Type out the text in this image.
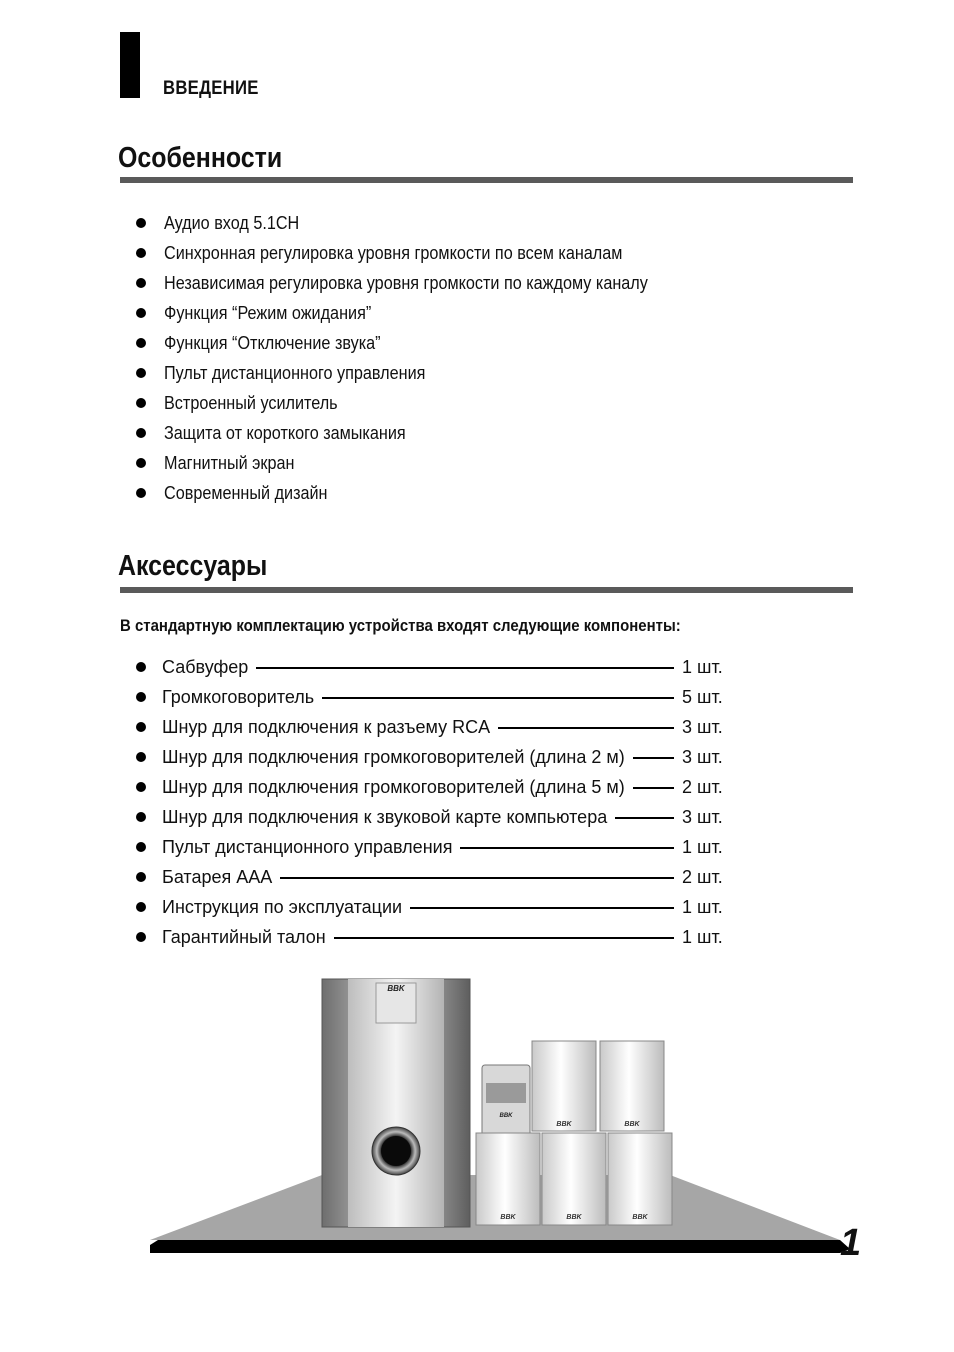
ВВЕДЕНИЕ
Особенности
Аудио вход 5.1CH
Синхронная регулировка уровня громкости по всем каналам
Независимая регулировка уровня громкости по каждому каналу
Функция “Режим ожидания”
Функция “Отключение звука”
Пульт дистанционного управления
Встроенный усилитель
Защита от короткого замыкания
Магнитный экран
Современный дизайн
Аксессуары
В стандартную комплектацию устройства входят следующие компоненты:
Сабвуфер	1 шт.
Громкоговоритель	5 шт.
Шнур для подключения к разъему RCA	3 шт.
Шнур для подключения громкоговорителей (длина 2 м)	3 шт.
Шнур для подключения громкоговорителей (длина 5 м)	2 шт.
Шнур для подключения к звуковой карте компьютера	3 шт.
Пульт дистанционного управления	1 шт.
Батарея AAA	2 шт.
Инструкция по эксплуатации	1 шт.
Гарантийный талон	1 шт.
BBK
BBK
BBK	BBK
BBK	BBK	BBK
1
